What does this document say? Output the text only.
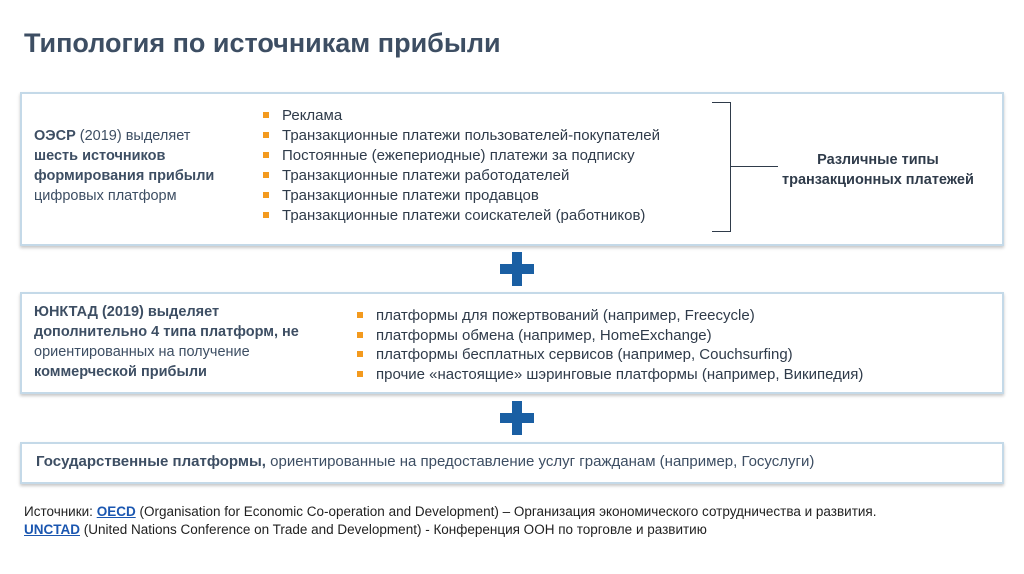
Типология по источникам прибыли
ОЭСР (2019) выделяет
шесть источников
формирования прибыли
цифровых платформ
Реклама
Транзакционные платежи пользователей-покупателей
Постоянные (ежепериодные) платежи за подписку
Транзакционные платежи работодателей
Транзакционные платежи продавцов
Транзакционные платежи соискателей (работников)
Различные типы
транзакционных платежей
ЮНКТАД (2019) выделяет
дополнительно 4 типа платформ, не
ориентированных на получение
коммерческой прибыли
платформы для пожертвований (например, Freecycle)
платформы обмена (например, HomeExchange)
платформы бесплатных сервисов (например, Couchsurfing)
прочие «настоящие» шэринговые платформы (например, Википедия)
Государственные платформы, ориентированные на предоставление услуг гражданам (например, Госуслуги)
Источники: OECD (Organisation for Economic Co-operation and Development) – Организация экономического сотрудничества и развития.
UNCTAD (United Nations Conference on Trade and Development) - Конференция ООН по торговле и развитию
